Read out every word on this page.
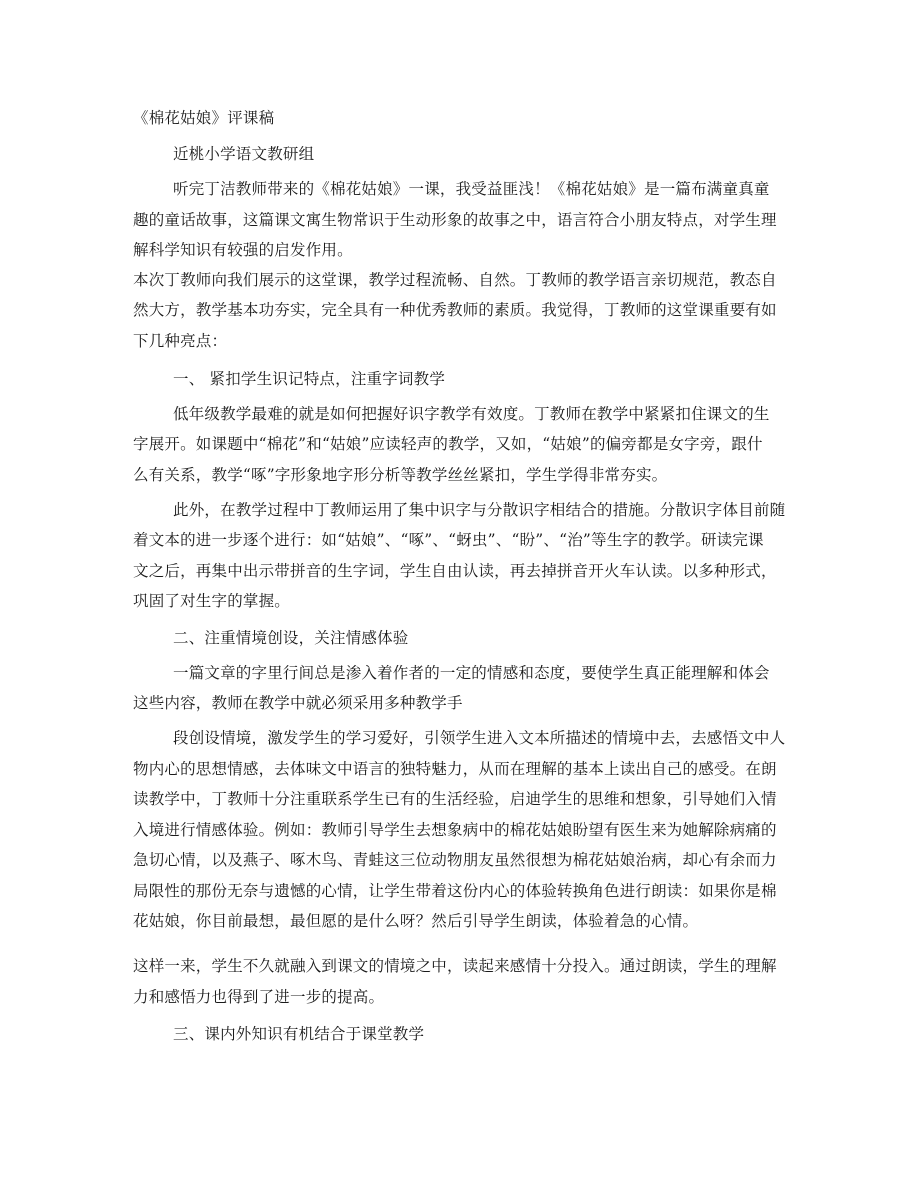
《棉花姑娘》评课稿
近桃小学语文教研组
听完丁洁教师带来的《棉花姑娘》一课，我受益匪浅！《棉花姑娘》是一篇布满童真童
趣的童话故事，这篇课文寓生物常识于生动形象的故事之中，语言符合小朋友特点，对学生理
解科学知识有较强的启发作用。
本次丁教师向我们展示的这堂课，教学过程流畅、自然。丁教师的教学语言亲切规范，教态自
然大方，教学基本功夯实，完全具有一种优秀教师的素质。我觉得，丁教师的这堂课重要有如
下几种亮点：
一、 紧扣学生识记特点，注重字词教学
低年级教学最难的就是如何把握好识字教学有效度。丁教师在教学中紧紧扣住课文的生
字展开。如课题中“棉花”和“姑娘”应读轻声的教学，又如，“姑娘”的偏旁都是女字旁，跟什
么有关系，教学“啄”字形象地字形分析等教学丝丝紧扣，学生学得非常夯实。
此外，在教学过程中丁教师运用了集中识字与分散识字相结合的措施。分散识字体目前随
着文本的进一步逐个进行：如“姑娘”、“啄”、“蚜虫”、“盼”、“治”等生字的教学。研读完课
文之后，再集中出示带拼音的生字词，学生自由认读，再去掉拼音开火车认读。以多种形式，
巩固了对生字的掌握。
二、注重情境创设，关注情感体验
一篇文章的字里行间总是渗入着作者的一定的情感和态度，要使学生真正能理解和体会
这些内容，教师在教学中就必须采用多种教学手
段创设情境，激发学生的学习爱好，引领学生进入文本所描述的情境中去，去感悟文中人
物内心的思想情感，去体味文中语言的独特魅力，从而在理解的基本上读出自己的感受。在朗
读教学中，丁教师十分注重联系学生已有的生活经验，启迪学生的思维和想象，引导她们入情
入境进行情感体验。例如：教师引导学生去想象病中的棉花姑娘盼望有医生来为她解除病痛的
急切心情，以及燕子、啄木鸟、青蛙这三位动物朋友虽然很想为棉花姑娘治病，却心有余而力
局限性的那份无奈与遗憾的心情，让学生带着这份内心的体验转换角色进行朗读：如果你是棉
花姑娘，你目前最想，最但愿的是什么呀？然后引导学生朗读，体验着急的心情。
这样一来，学生不久就融入到课文的情境之中，读起来感情十分投入。通过朗读，学生的理解
力和感悟力也得到了进一步的提高。
三、课内外知识有机结合于课堂教学
